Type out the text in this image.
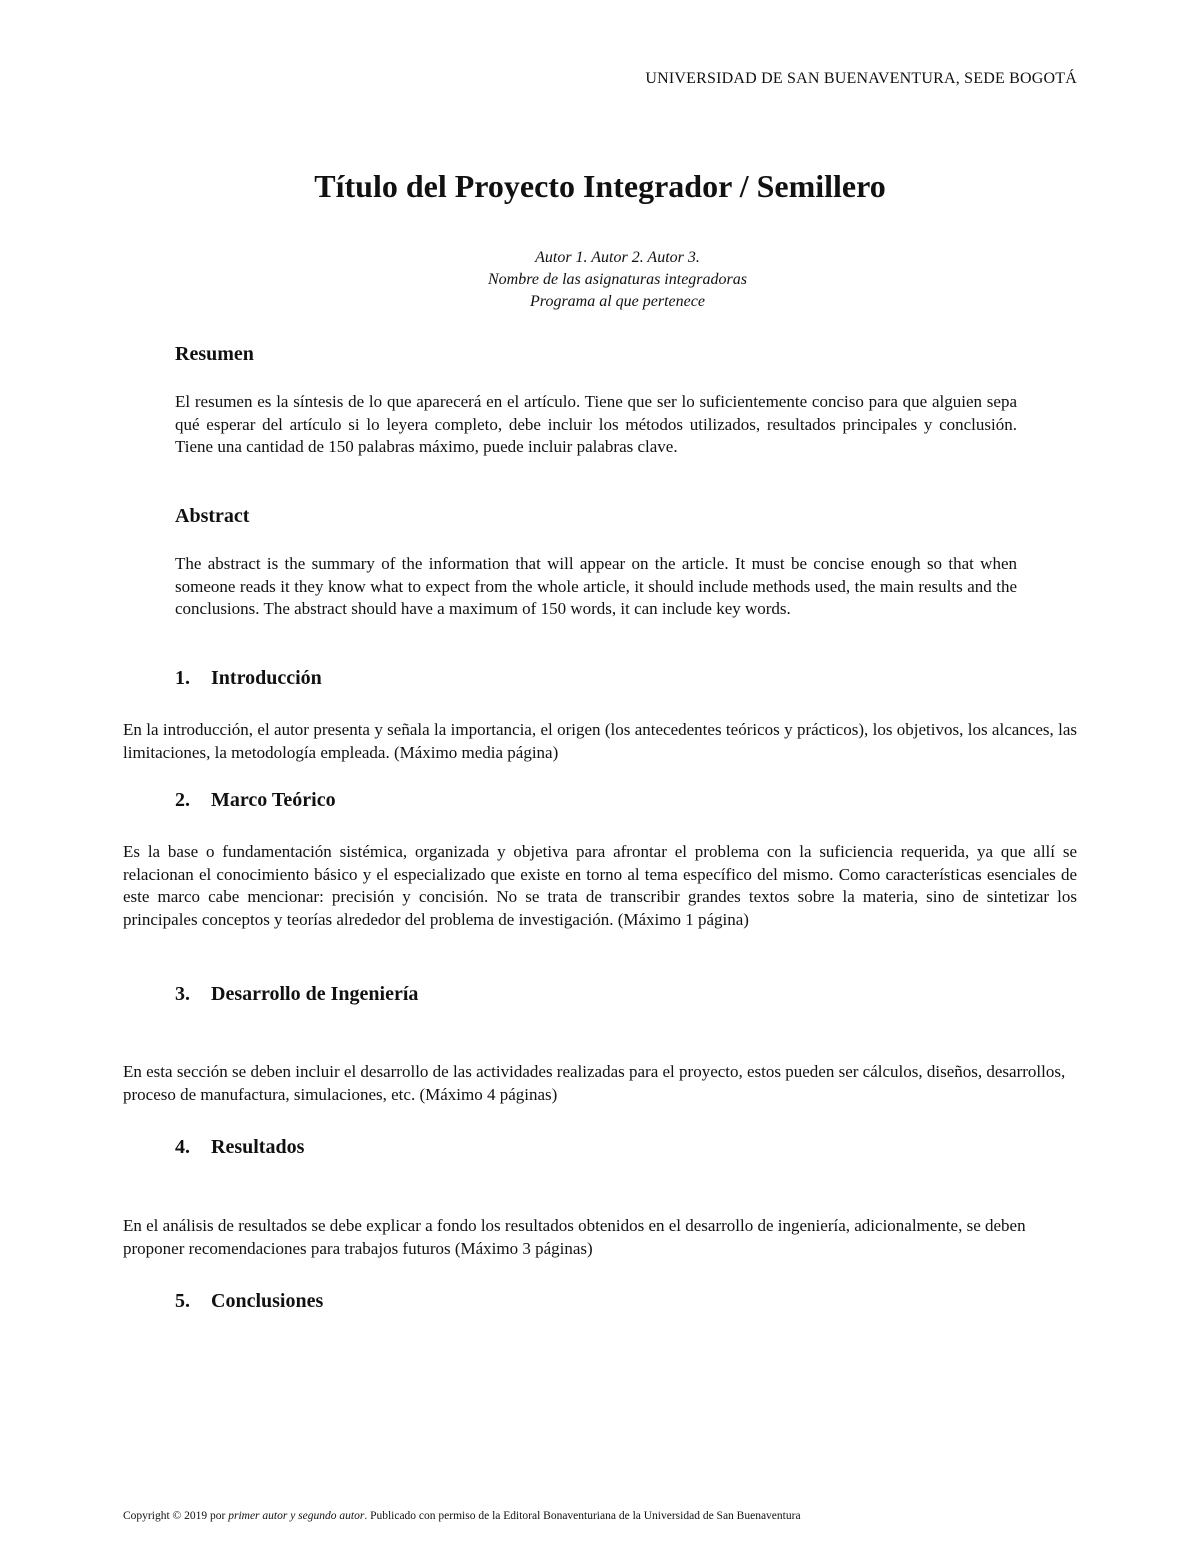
UNIVERSIDAD DE SAN BUENAVENTURA, SEDE BOGOTÁ
Título del Proyecto Integrador / Semillero
Autor 1. Autor 2. Autor 3.
Nombre de las asignaturas integradoras
Programa al que pertenece
Resumen

El resumen es la síntesis de lo que aparecerá en el artículo. Tiene que ser lo suficientemente conciso para que alguien sepa qué esperar del artículo si lo leyera completo, debe incluir los métodos utilizados, resultados principales y conclusión. Tiene una cantidad de 150 palabras máximo, puede incluir palabras clave.

Abstract

The abstract is the summary of the information that will appear on the article. It must be concise enough so that when someone reads it they know what to expect from the whole article, it should include methods used, the main results and the conclusions. The abstract should have a maximum of 150 words, it can include key words.

1. Introducción

En la introducción, el autor presenta y señala la importancia, el origen (los antecedentes teóricos y prácticos), los objetivos, los alcances, las limitaciones, la metodología empleada. (Máximo media página)

2. Marco Teórico

Es la base o fundamentación sistémica, organizada y objetiva para afrontar el problema con la suficiencia requerida, ya que allí se relacionan el conocimiento básico y el especializado que existe en torno al tema específico del mismo. Como características esenciales de este marco cabe mencionar: precisión y concisión. No se trata de transcribir grandes textos sobre la materia, sino de sintetizar los principales conceptos y teorías alrededor del problema de investigación. (Máximo 1 página)

3. Desarrollo de Ingeniería

En esta sección se deben incluir el desarrollo de las actividades realizadas para el proyecto, estos pueden ser cálculos, diseños, desarrollos, proceso de manufactura, simulaciones, etc. (Máximo 4 páginas)

4. Resultados

En el análisis de resultados se debe explicar a fondo los resultados obtenidos en el desarrollo de ingeniería, adicionalmente, se deben proponer recomendaciones para trabajos futuros (Máximo 3 páginas)

5. Conclusiones
Copyright © 2019 por primer autor y segundo autor. Publicado con permiso de la Editoral Bonaventuriana de la Universidad de San Buenaventura
